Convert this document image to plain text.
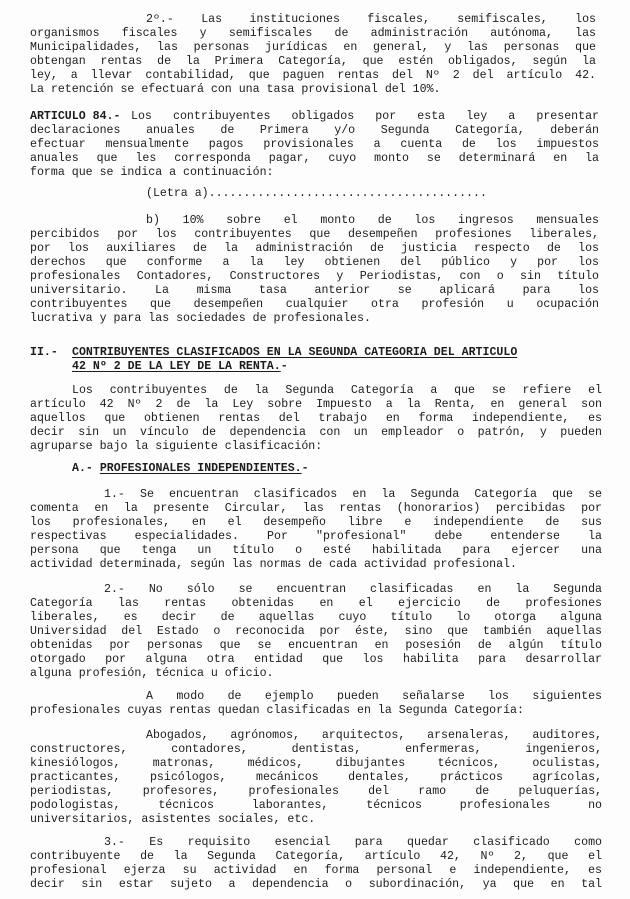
2º.- Las instituciones fiscales, semifiscales, los
organismos fiscales y semifiscales de administración autónoma, las
Municipalidades, las personas jurídicas en general, y las personas que
obtengan rentas de la Primera Categoría, que estén obligados, según la
ley, a llevar contabilidad, que paguen rentas del Nº 2 del artículo 42.
La retención se efectuará con una tasa provisional del 10%.
ARTICULO 84.- Los contribuyentes obligados por esta ley a presentar
declaraciones anuales de Primera y/o Segunda Categoría, deberán
efectuar mensualmente pagos provisionales a cuenta de los impuestos
anuales que les corresponda pagar, cuyo monto se determinará en la
forma que se indica a continuación:
(Letra a)........................................
b) 10% sobre el monto de los ingresos mensuales
percibidos por los contribuyentes que desempeñen profesiones liberales,
por los auxiliares de la administración de justicia respecto de los
derechos que conforme a la ley obtienen del público y por los
profesionales Contadores, Constructores y Periodistas, con o sin título
universitario. La misma tasa anterior se aplicará para los
contribuyentes que desempeñen cualquier otra profesión u ocupación
lucrativa y para las sociedades de profesionales.
II.- CONTRIBUYENTES CLASIFICADOS EN LA SEGUNDA CATEGORIA DEL ARTICULO
42 Nº 2 DE LA LEY DE LA RENTA.-
Los contribuyentes de la Segunda Categoría a que se refiere el
artículo 42 Nº 2 de la Ley sobre Impuesto a la Renta, en general son
aquellos que obtienen rentas del trabajo en forma independiente, es
decir sin un vínculo de dependencia con un empleador o patrón, y pueden
agruparse bajo la siguiente clasificación:
A.- PROFESIONALES INDEPENDIENTES.-
1.- Se encuentran clasificados en la Segunda Categoría que se
comenta en la presente Circular, las rentas (honorarios) percibidas por
los profesionales, en el desempeño libre e independiente de sus
respectivas especialidades. Por "profesional" debe entenderse la
persona que tenga un título o esté habilitada para ejercer una
actividad determinada, según las normas de cada actividad profesional.
2.- No sólo se encuentran clasificadas en la Segunda
Categoría las rentas obtenidas en el ejercicio de profesiones
liberales, es decir de aquellas cuyo título lo otorga alguna
Universidad del Estado o reconocida por éste, sino que también aquellas
obtenidas por personas que se encuentran en posesión de algún título
otorgado por alguna otra entidad que los habilita para desarrollar
alguna profesión, técnica u oficio.
A modo de ejemplo pueden señalarse los siguientes
profesionales cuyas rentas quedan clasificadas en la Segunda Categoría:
Abogados, agrónomos, arquitectos, arsenaleras, auditores,
constructores, contadores, dentistas, enfermeras, ingenieros,
kinesiólogos, matronas, médicos, dibujantes técnicos, oculistas,
practicantes, psicólogos, mecánicos dentales, prácticos agrícolas,
periodistas, profesores, profesionales del ramo de peluquerías,
podologistas, técnicos laborantes, técnicos profesionales no
universitarios, asistentes sociales, etc.
3.- Es requisito esencial para quedar clasificado como
contribuyente de la Segunda Categoría, artículo 42, Nº 2, que el
profesional ejerza su actividad en forma personal e independiente, es
decir sin estar sujeto a dependencia o subordinación, ya que en tal
